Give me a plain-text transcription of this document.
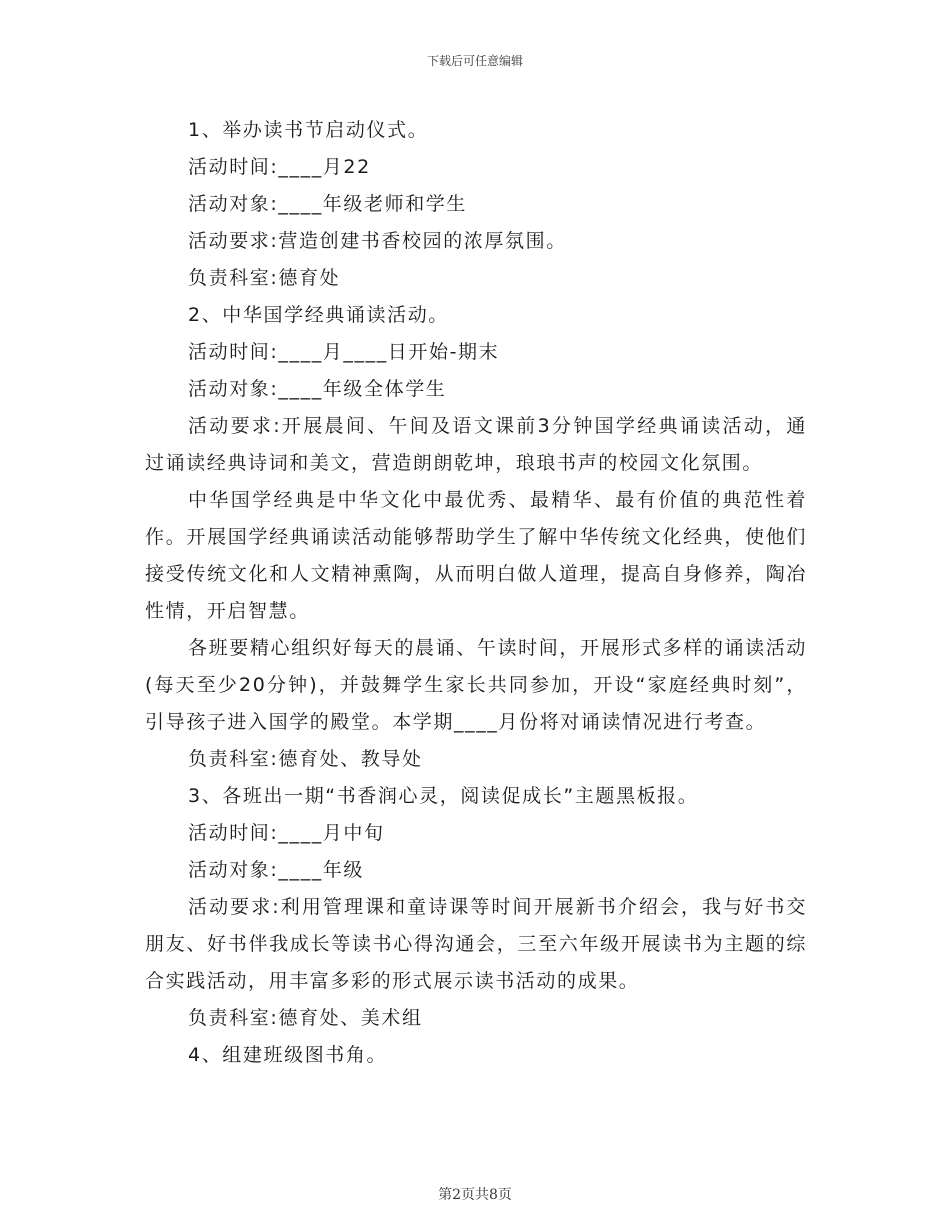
下载后可任意编辑

1、举办读书节启动仪式。

活动时间:____月22

活动对象:____年级老师和学生

活动要求:营造创建书香校园的浓厚氛围。

负责科室:德育处

2、中华国学经典诵读活动。

活动时间:____月____日开始-期末

活动对象:____年级全体学生

活动要求:开展晨间、午间及语文课前3分钟国学经典诵读活动，通过诵读经典诗词和美文，营造朗朗乾坤，琅琅书声的校园文化氛围。

中华国学经典是中华文化中最优秀、最精华、最有价值的典范性着作。开展国学经典诵读活动能够帮助学生了解中华传统文化经典，使他们接受传统文化和人文精神熏陶，从而明白做人道理，提高自身修养，陶冶性情，开启智慧。

各班要精心组织好每天的晨诵、午读时间，开展形式多样的诵读活动(每天至少20分钟)，并鼓舞学生家长共同参加，开设“家庭经典时刻”，引导孩子进入国学的殿堂。本学期____月份将对诵读情况进行考查。

负责科室:德育处、教导处

3、各班出一期“书香润心灵，阅读促成长”主题黑板报。

活动时间:____月中旬

活动对象:____年级

活动要求:利用管理课和童诗课等时间开展新书介绍会，我与好书交朋友、好书伴我成长等读书心得沟通会，三至六年级开展读书为主题的综合实践活动，用丰富多彩的形式展示读书活动的成果。

负责科室:德育处、美术组

4、组建班级图书角。

第2页共8页
